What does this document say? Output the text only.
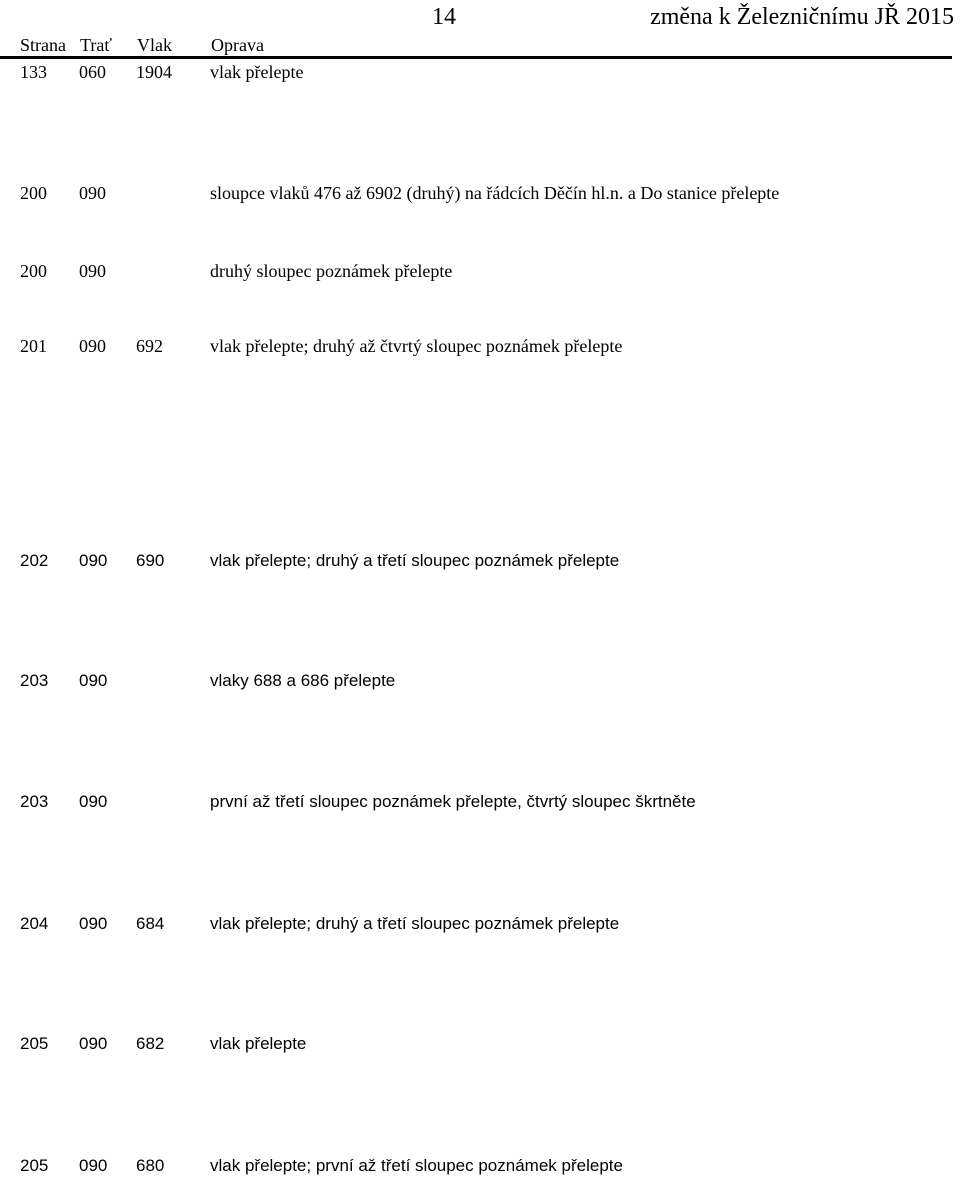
14	změna k Železničnímu JŘ 2015
Strana Trať Vlak Oprava
133 060 1904 vlak přelepte
200 090	sloupce vlaků 476 až 6902 (druhý) na řádcích Děčín hl.n. a Do stanice přelepte
200 090	druhý sloupec poznámek přelepte
201 090 692	vlak přelepte; druhý až čtvrtý sloupec poznámek přelepte
202 090 690	vlak přelepte; druhý a třetí sloupec poznámek přelepte
203 090	vlaky 688 a 686 přelepte
203 090	první až třetí sloupec poznámek přelepte, čtvrtý sloupec škrtněte
204 090 684	vlak přelepte; druhý a třetí sloupec poznámek přelepte
205 090 682	vlak přelepte
205 090 680	vlak přelepte; první až třetí sloupec poznámek přelepte
